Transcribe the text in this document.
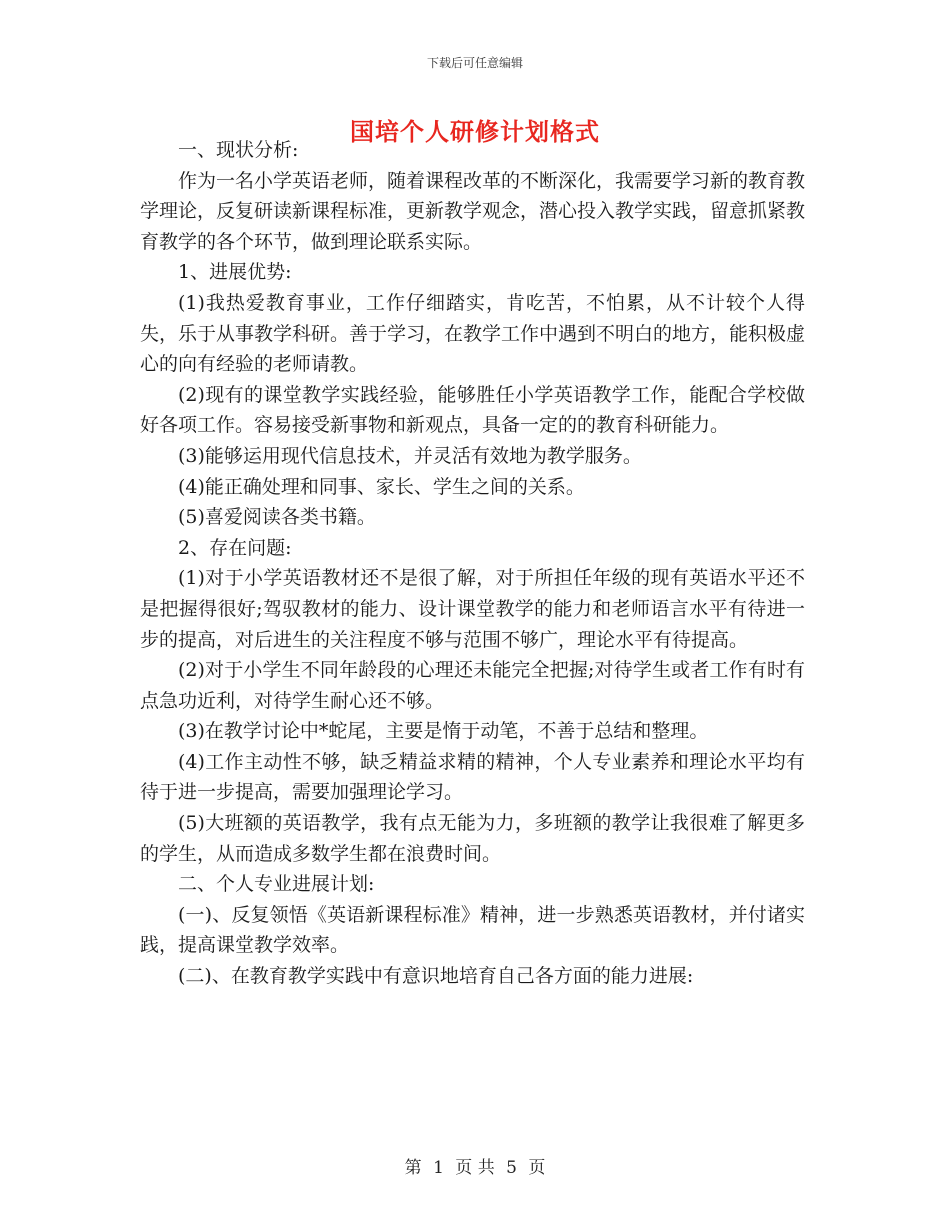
下载后可任意编辑
国培个人研修计划格式

一、现状分析:

作为一名小学英语老师，随着课程改革的不断深化，我需要学习新的教育教学理论，反复研读新课程标准，更新教学观念，潜心投入教学实践，留意抓紧教育教学的各个环节，做到理论联系实际。

1、进展优势:

(1)我热爱教育事业，工作仔细踏实，肯吃苦，不怕累，从不计较个人得失，乐于从事教学科研。善于学习，在教学工作中遇到不明白的地方，能积极虚心的向有经验的老师请教。

(2)现有的课堂教学实践经验，能够胜任小学英语教学工作，能配合学校做好各项工作。容易接受新事物和新观点，具备一定的的教育科研能力。

(3)能够运用现代信息技术，并灵活有效地为教学服务。

(4)能正确处理和同事、家长、学生之间的关系。

(5)喜爱阅读各类书籍。

2、存在问题:

(1)对于小学英语教材还不是很了解，对于所担任年级的现有英语水平还不是把握得很好;驾驭教材的能力、设计课堂教学的能力和老师语言水平有待进一步的提高，对后进生的关注程度不够与范围不够广，理论水平有待提高。

(2)对于小学生不同年龄段的心理还未能完全把握;对待学生或者工作有时有点急功近利，对待学生耐心还不够。

(3)在教学讨论中*蛇尾，主要是惰于动笔，不善于总结和整理。

(4)工作主动性不够，缺乏精益求精的精神，个人专业素养和理论水平均有待于进一步提高，需要加强理论学习。

(5)大班额的英语教学，我有点无能为力，多班额的教学让我很难了解更多的学生，从而造成多数学生都在浪费时间。

二、个人专业进展计划:

(一)、反复领悟《英语新课程标准》精神，进一步熟悉英语教材，并付诸实践，提高课堂教学效率。

(二)、在教育教学实践中有意识地培育自己各方面的能力进展:

第 1 页 共 5 页
